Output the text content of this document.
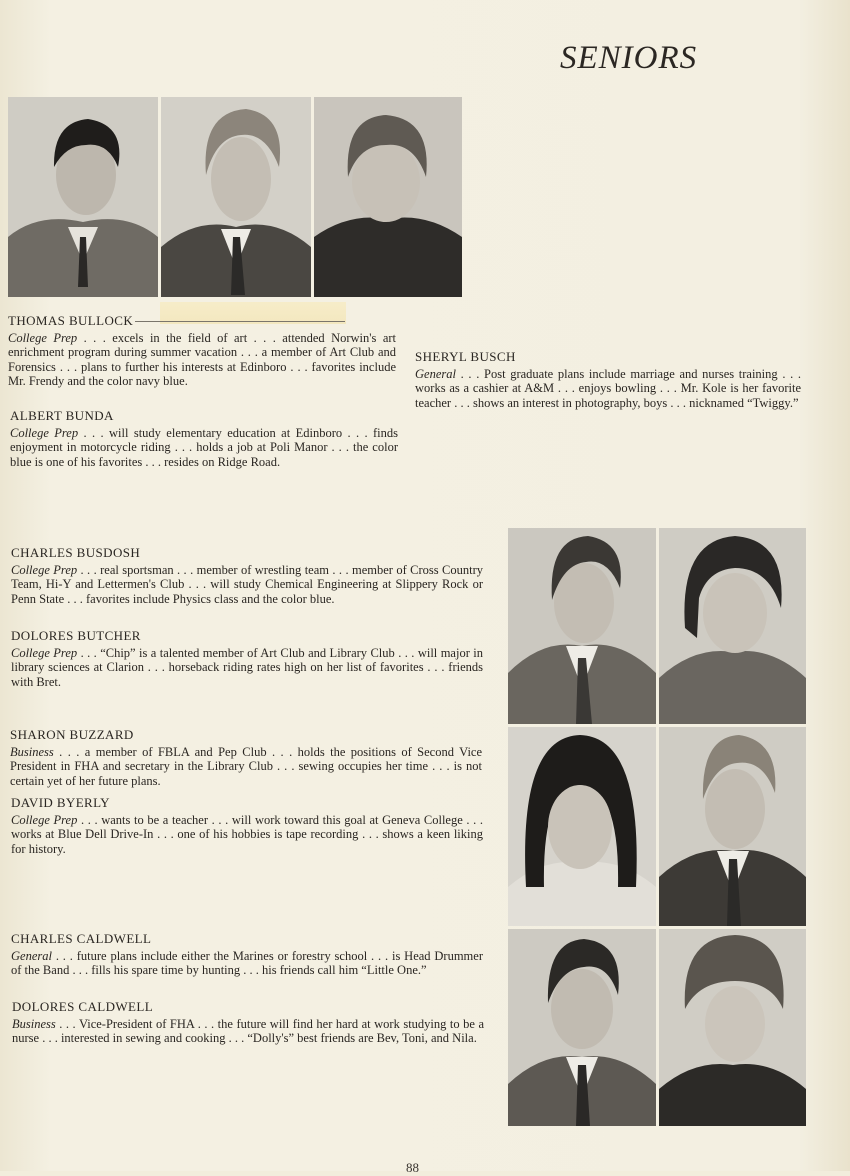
SENIORS
THOMAS BULLOCK
College Prep . . . excels in the field of art . . . attended Norwin's art enrichment program during summer vacation . . . a member of Art Club and Forensics . . . plans to further his interests at Edinboro . . . favorites include Mr. Frendy and the color navy blue.
ALBERT BUNDA
College Prep . . . will study elementary education at Edinboro . . . finds enjoyment in motorcycle riding . . . holds a job at Poli Manor . . . the color blue is one of his favorites . . . resides on Ridge Road.
SHERYL BUSCH
General . . . Post graduate plans include marriage and nurses training . . . works as a cashier at A&M . . . enjoys bowling . . . Mr. Kole is her favorite teacher . . . shows an interest in photography, boys . . . nicknamed “Twiggy.”
CHARLES BUSDOSH
College Prep . . . real sportsman . . . member of wrestling team . . . member of Cross Country Team, Hi-Y and Lettermen's Club . . . will study Chemical Engineering at Slippery Rock or Penn State . . . favorites include Physics class and the color blue.
DOLORES BUTCHER
College Prep . . . “Chip” is a talented member of Art Club and Library Club . . . will major in library sciences at Clarion . . . horseback riding rates high on her list of favorites . . . friends with Bret.
SHARON BUZZARD
Business . . . a member of FBLA and Pep Club . . . holds the positions of Second Vice President in FHA and secretary in the Library Club . . . sewing occupies her time . . . is not certain yet of her future plans.
DAVID BYERLY
College Prep . . . wants to be a teacher . . . will work toward this goal at Geneva College . . . works at Blue Dell Drive-In . . . one of his hobbies is tape recording . . . shows a keen liking for history.
CHARLES CALDWELL
General . . . future plans include either the Marines or forestry school . . . is Head Drummer of the Band . . . fills his spare time by hunting . . . his friends call him “Little One.”
DOLORES CALDWELL
Business . . . Vice-President of FHA . . . the future will find her hard at work studying to be a nurse . . . interested in sewing and cooking . . . “Dolly's” best friends are Bev, Toni, and Nila.
88
